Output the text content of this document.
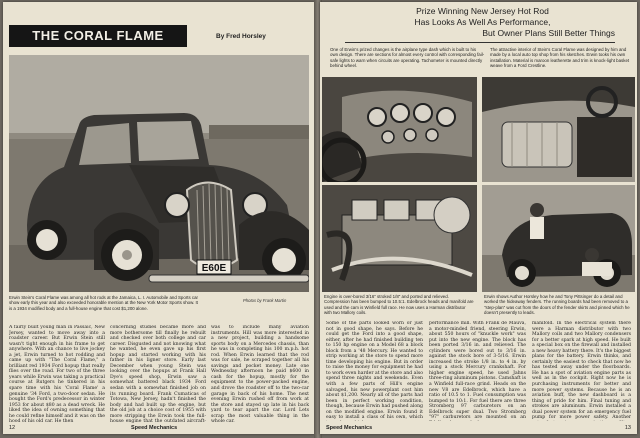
THE CORAL FLAME	By Fred Horsley
E60E
Erwin Stein's Coral Flame was among all hot rods at the Jamaica, L. I. Automobile and Sports car show early this year and also exceeded honorable mention at the New York Motor Sports show. It is a 1934 modified body and a full-house engine that cost $1,200 alone.
Photos by Frank Martin
A fairly built young man in Passaic, New Jersey, wanted to move away into a roadster career. But Erwin Stein still wasn't tight enough in his frame to get anywhere. With an chance to live jockey a jet, Erwin turned to hot rodding and came up with "The Coral Flame," a brilliant red 1934 Ford hopup that really flies over the road. For two of the three years while Erwin was taking a practical course at Rutgers he tinkered in his spare time with his 'Coral Flame' a genuine '34 Ford, a two-door sedan. He bought the Ford's predecessor in winter 1953 for about $80 as a dead wreck. He liked the idea of owning something that he could refine himself and it was on the hood of his old car. He then
concerning studies became more and more bothersome till finally he rebuilt and checked over both college and car career. Disgusted and not knowing what he wanted, he even gave up his first hopup and started working with his father in his ligner store. Early last December when young Stein was looking over the hopups at Frank Hall Dye's speed shop, Erwin saw a somewhat battered black 1934 Ford sedan with a somewhat finished job on its running board. Frank Cumaticas of Totowa, New Jersey, hadn't finished the body and had built up the engine, but the old job at a choice cost of 1955 with more stripping the Erwin took the full-house engine that the outdated aircraft-
was to include many aviation instruments. Hill was more interested in a new project, building a handsome sports body on a Mercedes chassis, than he was in completing his 100 m.p.h. hot rod. When Erwin learned that the rod was for sale, he scraped together all his savings and pocket money. Late one Wednesday afternoon he paid $600 in cash for the hopup, mostly for the equipment to the power-packed engine, and drove the roadster off to the two-car garage in back of his home. The next evening Erwin rushed off from work at the store and stayed up late in his back yard to tear apart the car. Lord Lets scrap the most valuable thing in the whole car.
12	Speed Mechanics
Prize Winning New Jersey Hot Rod
Has Looks As Well As Performance,
But Owner Plans Still Better Things
One of Erwin's prized changes is the airplane type dash which is built to his own design. There are sections for almost every control with corresponding fail-safe lights to warn when circuits are operating. Tachometer is mounted directly behind wheel.
The attractive interior of Stein's Coral Flame was designed by him and made by a local auto top shop from his sketches. Erwin tooks his own installation. Material is maroon leatherette and trim is knock-light basket weave from a Ford Crestline.
Engine is over-bored 3/16" stroked 1/8" and ported and relieved. Compression has been bumped to 10.5:1. Edelbrock heads and manifold are used and the cam is Winfield full race. He now uses a Harman distributor with two Mallory coils.
Erwin shows Author Horsley how he and Tony Pittsinger do a detail and worked the hideaway fenders. The running boards had been removed to a "step-plan" was cut from the doors of the fender skirts and pinned which he doesn't presently to leads.
Some of the parts looked worn or just not in good shape, he says. Before he could get the Ford into a good shape, either, after he had finished building ten to 150 hp engine on a Model 68 a block block from a '48 Mercury. He wanted to strip working at the store to spend more time developing his engine. But in order to raise the money for equipment he had to work even harder at the store and also spend three nights and weekends. Even with a few parts of Hill's engine salvaged, his new powerplant cost him about $1,200. Nearly all of the parts had been in perfect working condition, though, because Erwin had pushed along on the modified engine. Erwin found it easy to install a class of his own, which
performance mill. With Frank de Mauva, a motor-minded friend, steering Erwin, about 550 hours of "knuckle work" was put into the new engine. The block has been ported 3/16 in. and relieved. The cylinders were bored out to 3/16 in. against the stock bore of 3-5/16. Erwin increased the stroke 1/8 in. to 4 in. by using a stock Mercury crankshaft. For higher engine speed, he used Jahns three-ring aluminum pistons. Camshaft is a Winfield full-race grind. Heads on the new V8 are Edelbrock, which have a ratio of 10.5 to 1. Fuel consumption was bumped to 10:1. For fuel there are three Stromberg 97 carburetors on an Edelbrock super dual. Two Stromberg "97" carburetors are mounted on an
manifold. In the electrical system there were a Harman distributor with two Mallory coils and two Mallory condensers for a better spark at high speed. He built a special box on the firewall and installed a new heavy battery there. It's the biggest plans for the battery. Erwin thinks, and certainly the easiest to check that now he has tested away under the floorboards. He has a spot of aviation engine parts as well as in the cockpit. Right now he is purchasing instruments for better and more power systems. Because he is an aviation buff, the new dashboard is a thing of pride for him. Final tuning and strokes are aluminum. Erwin installed a dual power system for an emergency fuel pump for more power safety. Another
Speed Mechanics	13
